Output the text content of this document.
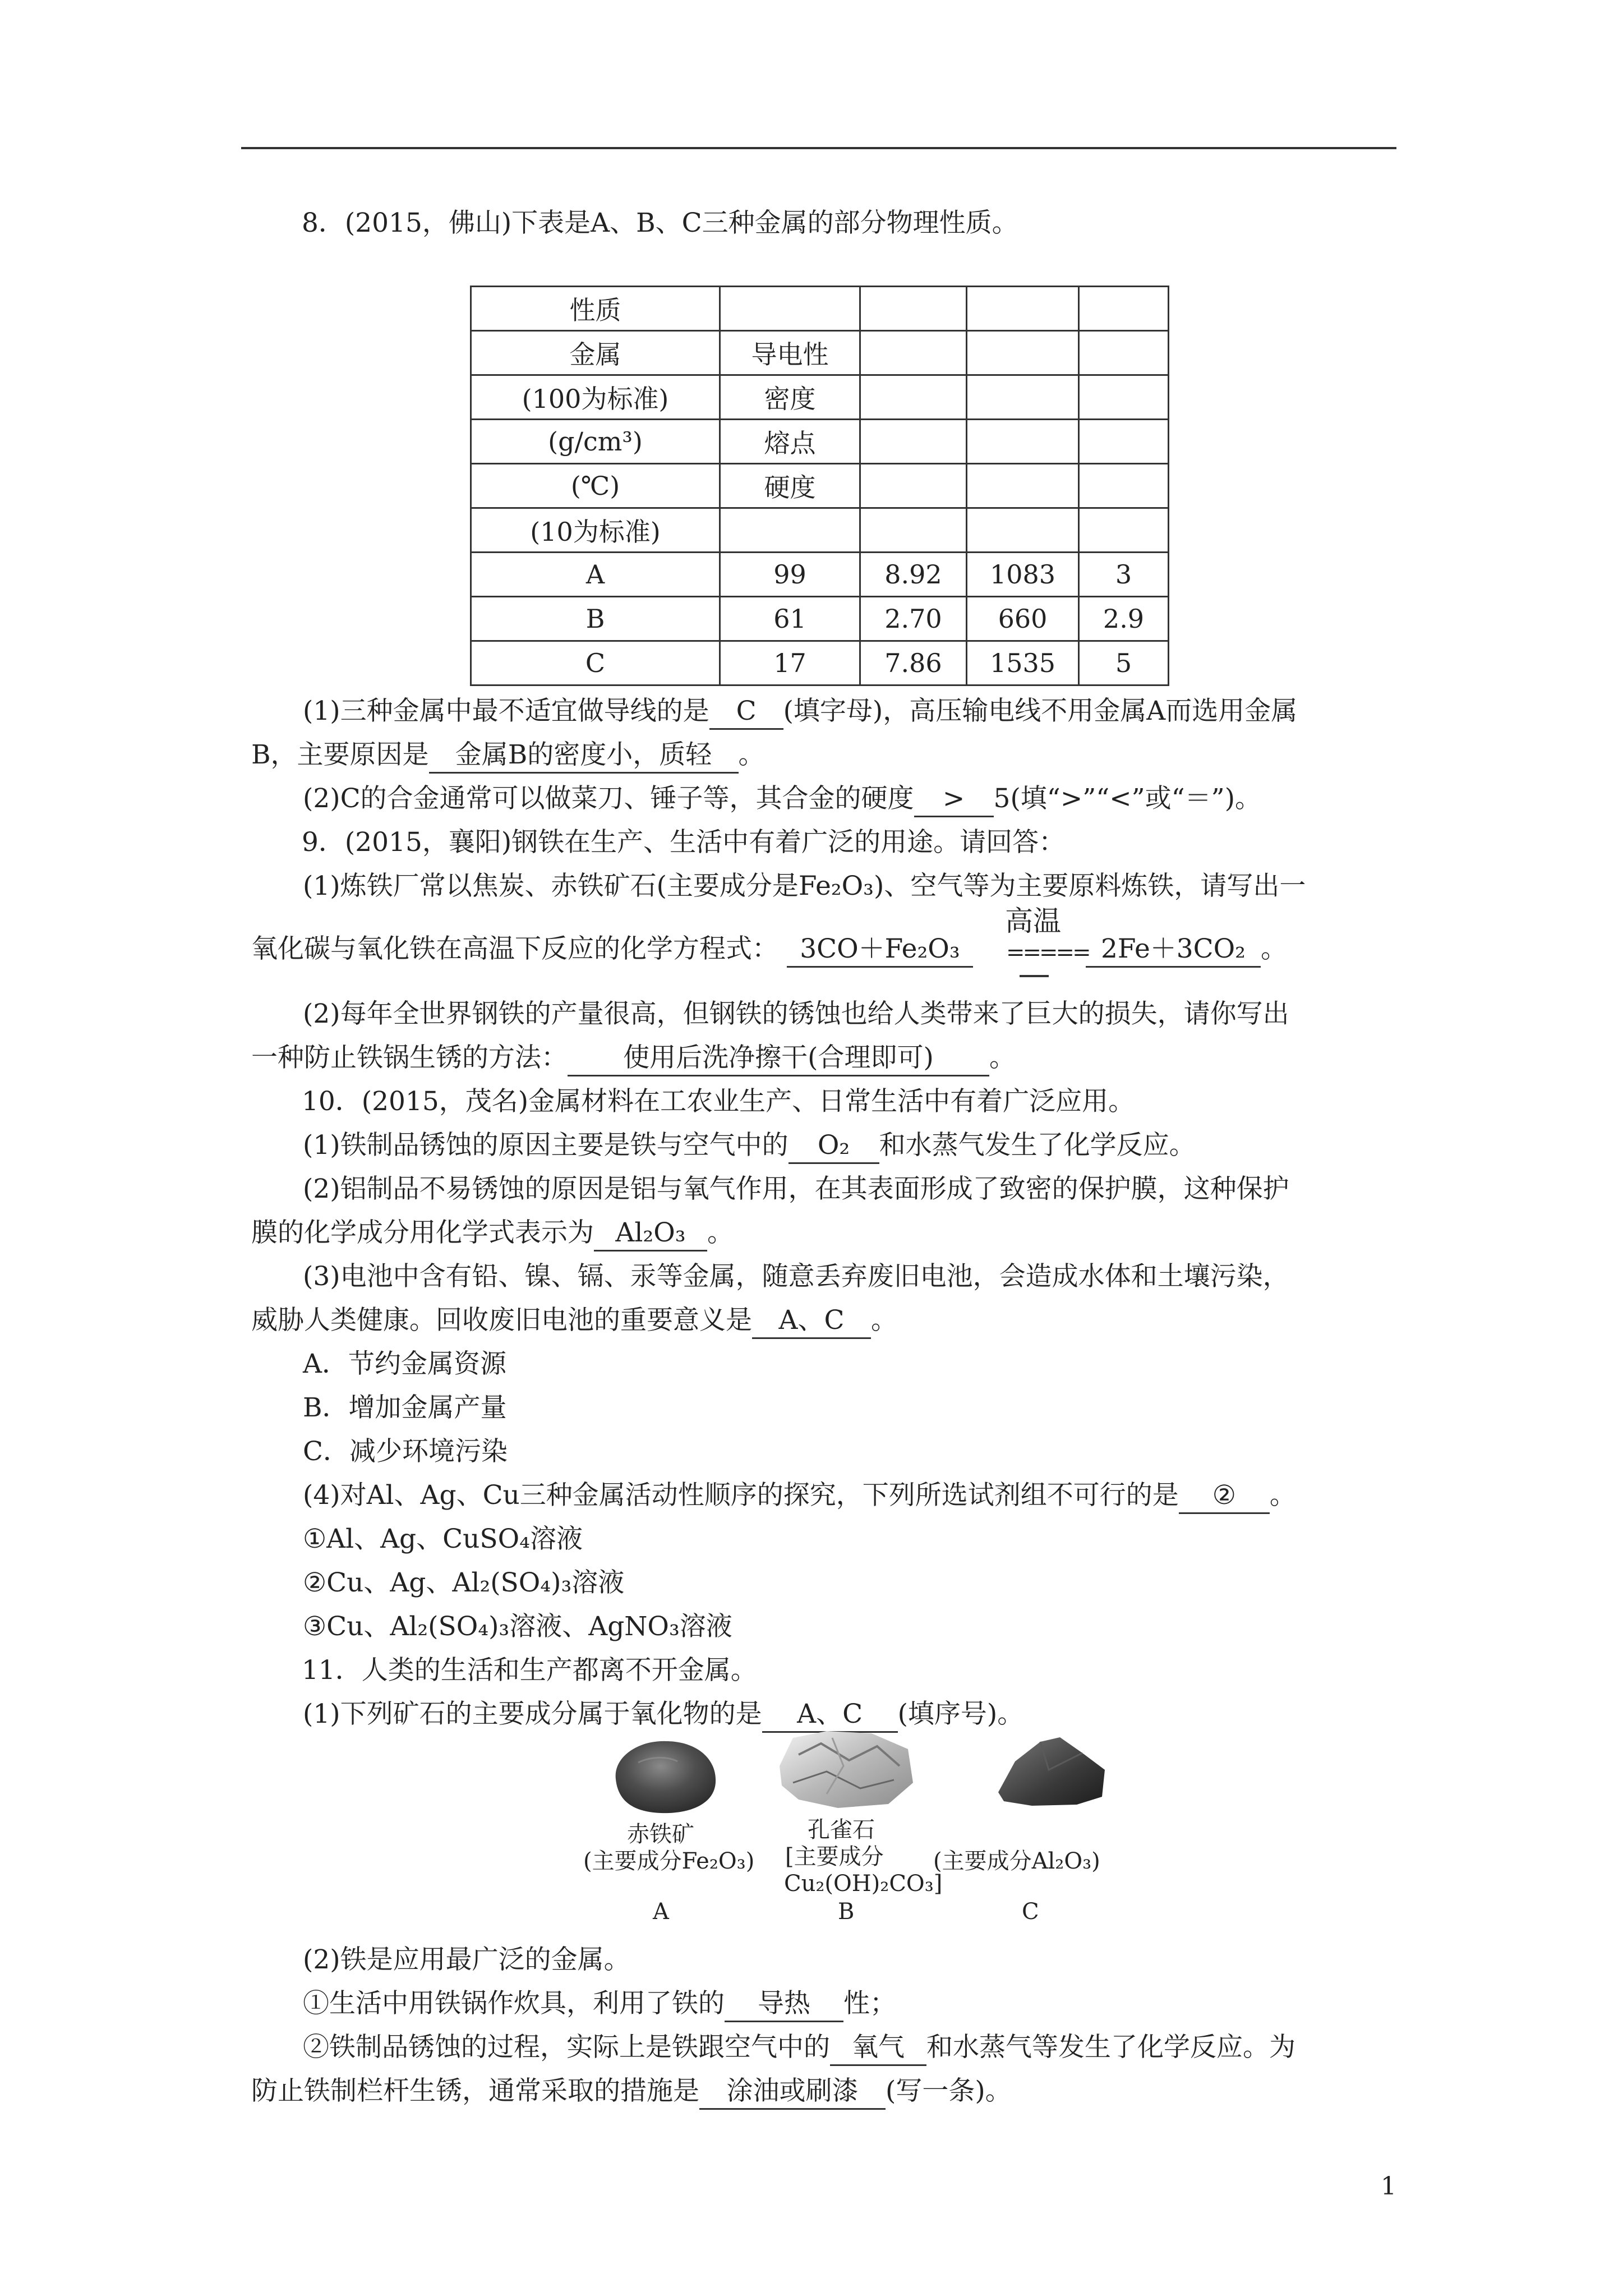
8．(2015，佛山)下表是A、B、C三种金属的部分物理性质。
性质				
金属	导电性			
(100为标准)	密度			
(g/cm³)	熔点			
(℃)	硬度			
(10为标准)				
A	99	8.92	1083	3
B	61	2.70	660	2.9
C	17	7.86	1535	5
(1)三种金属中最不适宜做导线的是 C (填字母)，高压输电线不用金属A而选用金属
B，主要原因是 金属B的密度小，质轻 。
(2)C的合金通常可以做菜刀、锤子等，其合金的硬度 > 5(填“>”“<”或“＝”)。
9．(2015，襄阳)钢铁在生产、生活中有着广泛的用途。请回答：
(1)炼铁厂常以焦炭、赤铁矿石(主要成分是Fe₂O₃)、空气等为主要原料炼铁，请写出一
氧化碳与氧化铁在高温下反应的化学方程式： 3CO＋Fe₂O₃
高温
===== 2Fe＋3CO₂ 。
(2)每年全世界钢铁的产量很高，但钢铁的锈蚀也给人类带来了巨大的损失，请你写出
一种防止铁锅生锈的方法： 使用后洗净擦干(合理即可) 。
10．(2015，茂名)金属材料在工农业生产、日常生活中有着广泛应用。
(1)铁制品锈蚀的原因主要是铁与空气中的 O₂ 和水蒸气发生了化学反应。
(2)铝制品不易锈蚀的原因是铝与氧气作用，在其表面形成了致密的保护膜，这种保护
膜的化学成分用化学式表示为 Al₂O₃ 。
(3)电池中含有铅、镍、镉、汞等金属，随意丢弃废旧电池，会造成水体和土壤污染，
威胁人类健康。回收废旧电池的重要意义是 A、C 。
A．节约金属资源
B．增加金属产量
C．减少环境污染
(4)对Al、Ag、Cu三种金属活动性顺序的探究，下列所选试剂组不可行的是 ② 。
①Al、Ag、CuSO₄溶液
②Cu、Ag、Al₂(SO₄)₃溶液
③Cu、Al₂(SO₄)₃溶液、AgNO₃溶液
11．人类的生活和生产都离不开金属。
(1)下列矿石的主要成分属于氧化物的是 A、C (填序号)。
赤铁矿
(主要成分Fe₂O₃)
A
孔雀石
[主要成分
Cu₂(OH)₂CO₃]
B
(主要成分Al₂O₃)
C
(2)铁是应用最广泛的金属。
①生活中用铁锅作炊具，利用了铁的 导热 性；
②铁制品锈蚀的过程，实际上是铁跟空气中的 氧气 和水蒸气等发生了化学反应。为
防止铁制栏杆生锈，通常采取的措施是 涂油或刷漆 (写一条)。
1
